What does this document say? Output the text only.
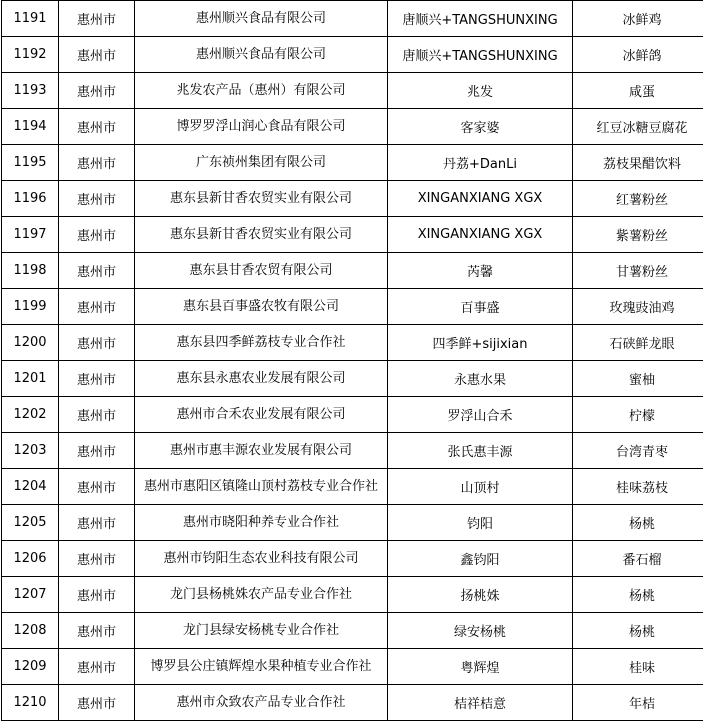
1191	惠州市	惠州顺兴食品有限公司	唐顺兴+TANGSHUNXING	冰鲜鸡
1192	惠州市	惠州顺兴食品有限公司	唐顺兴+TANGSHUNXING	冰鲜鸽
1193	惠州市	兆发农产品（惠州）有限公司	兆发	咸蛋
1194	惠州市	博罗罗浮山润心食品有限公司	客家婆	红豆冰糖豆腐花
1195	惠州市	广东祯州集团有限公司	丹荔+DanLi	荔枝果醋饮料
1196	惠州市	惠东县新甘香农贸实业有限公司	XINGANXIANG XGX	红薯粉丝
1197	惠州市	惠东县新甘香农贸实业有限公司	XINGANXIANG XGX	紫薯粉丝
1198	惠州市	惠东县甘香农贸有限公司	芮馨	甘薯粉丝
1199	惠州市	惠东县百事盛农牧有限公司	百事盛	玫瑰豉油鸡
1200	惠州市	惠东县四季鲜荔枝专业合作社	四季鲜+sijixian	石硖鲜龙眼
1201	惠州市	惠东县永惠农业发展有限公司	永惠水果	蜜柚
1202	惠州市	惠州市合禾农业发展有限公司	罗浮山合禾	柠檬
1203	惠州市	惠州市惠丰源农业发展有限公司	张氏惠丰源	台湾青枣
1204	惠州市	惠州市惠阳区镇隆山顶村荔枝专业合作社	山顶村	桂味荔枝
1205	惠州市	惠州市晓阳种养专业合作社	钧阳	杨桃
1206	惠州市	惠州市钧阳生态农业科技有限公司	鑫钧阳	番石榴
1207	惠州市	龙门县杨桃姝农产品专业合作社	扬桃姝	杨桃
1208	惠州市	龙门县绿安杨桃专业合作社	绿安杨桃	杨桃
1209	惠州市	博罗县公庄镇辉煌水果种植专业合作社	粤辉煌	桂味
1210	惠州市	惠州市众致农产品专业合作社	桔祥桔意	年桔
